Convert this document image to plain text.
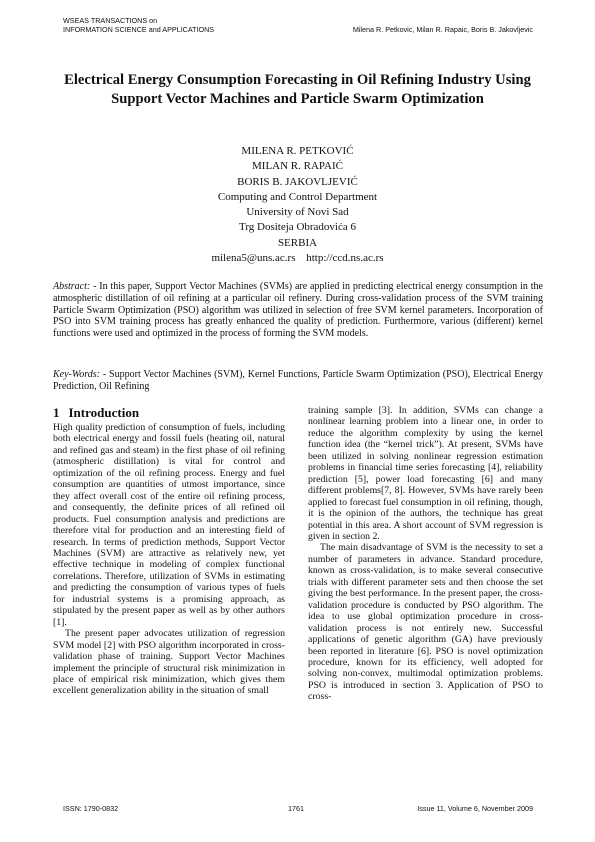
WSEAS TRANSACTIONS on
INFORMATION SCIENCE and APPLICATIONS	Milena R. Petkovic, Milan R. Rapaic, Boris B. Jakovljevic
Electrical Energy Consumption Forecasting in Oil Refining Industry Using Support Vector Machines and Particle Swarm Optimization
MILENA R. PETKOVIĆ
MILAN R. RAPAIĆ
BORIS B. JAKOVLJEVIĆ
Computing and Control Department
University of Novi Sad
Trg Dositeja Obradovića 6
SERBIA
milena5@uns.ac.rs http://ccd.ns.ac.rs

Abstract: - In this paper, Support Vector Machines (SVMs) are applied in predicting electrical energy consumption in the atmospheric distillation of oil refining at a particular oil refinery. During cross-validation process of the SVM training Particle Swarm Optimization (PSO) algorithm was utilized in selection of free SVM kernel parameters. Incorporation of PSO into SVM training process has greatly enhanced the quality of prediction. Furthermore, various (different) kernel functions were used and optimized in the process of forming the SVM models.

Key-Words: - Support Vector Machines (SVM), Kernel Functions, Particle Swarm Optimization (PSO), Electrical Energy Prediction, Oil Refining

1 Introduction

High quality prediction of consumption of fuels, including both electrical energy and fossil fuels (heating oil, natural and refined gas and steam) in the first phase of oil refining (atmospheric distillation) is vital for control and optimization of the oil refining process. Energy and fuel consumption are quantities of utmost importance, since they affect overall cost of the entire oil refining process, and consequently, the definite prices of all refined oil products. Fuel consumption analysis and predictions are therefore vital for production and an interesting field of research. In terms of prediction methods, Support Vector Machines (SVM) are attractive as relatively new, yet effective technique in modeling of complex functional correlations. Therefore, utilization of SVMs in estimating and predicting the consumption of various types of fuels for industrial systems is a promising approach, as stipulated by the present paper as well as by other authors [1].

The present paper advocates utilization of regression SVM model [2] with PSO algorithm incorporated in cross-validation phase of training. Support Vector Machines implement the principle of structural risk minimization in place of empirical risk minimization, which gives them excellent generalization ability in the situation of small

training sample [3]. In addition, SVMs can change a nonlinear learning problem into a linear one, in order to reduce the algorithm complexity by using the kernel function idea (the “kernel trick”). At present, SVMs have been utilized in solving nonlinear regression estimation problems in financial time series forecasting [4], reliability prediction [5], power load forecasting [6] and many different problems[7, 8]. However, SVMs have rarely been applied to forecast fuel consumption in oil refining, though, it is the opinion of the authors, the technique has great potential in this area. A short account of SVM regression is given in section 2.

The main disadvantage of SVM is the necessity to set a number of parameters in advance. Standard procedure, known as cross-validation, is to make several consecutive trials with different parameter sets and then choose the set giving the best performance. In the present paper, the cross-validation procedure is conducted by PSO algorithm. The idea to use global optimization procedure in cross-validation process is not entirely new. Successful applications of genetic algorithm (GA) have previously been reported in literature [6]. PSO is novel optimization procedure, known for its efficiency, well adopted for solving non-convex, multimodal optimization problems. PSO is introduced in section 3. Application of PSO to cross-

ISSN: 1790-0832	1761	Issue 11, Volume 6, November 2009
